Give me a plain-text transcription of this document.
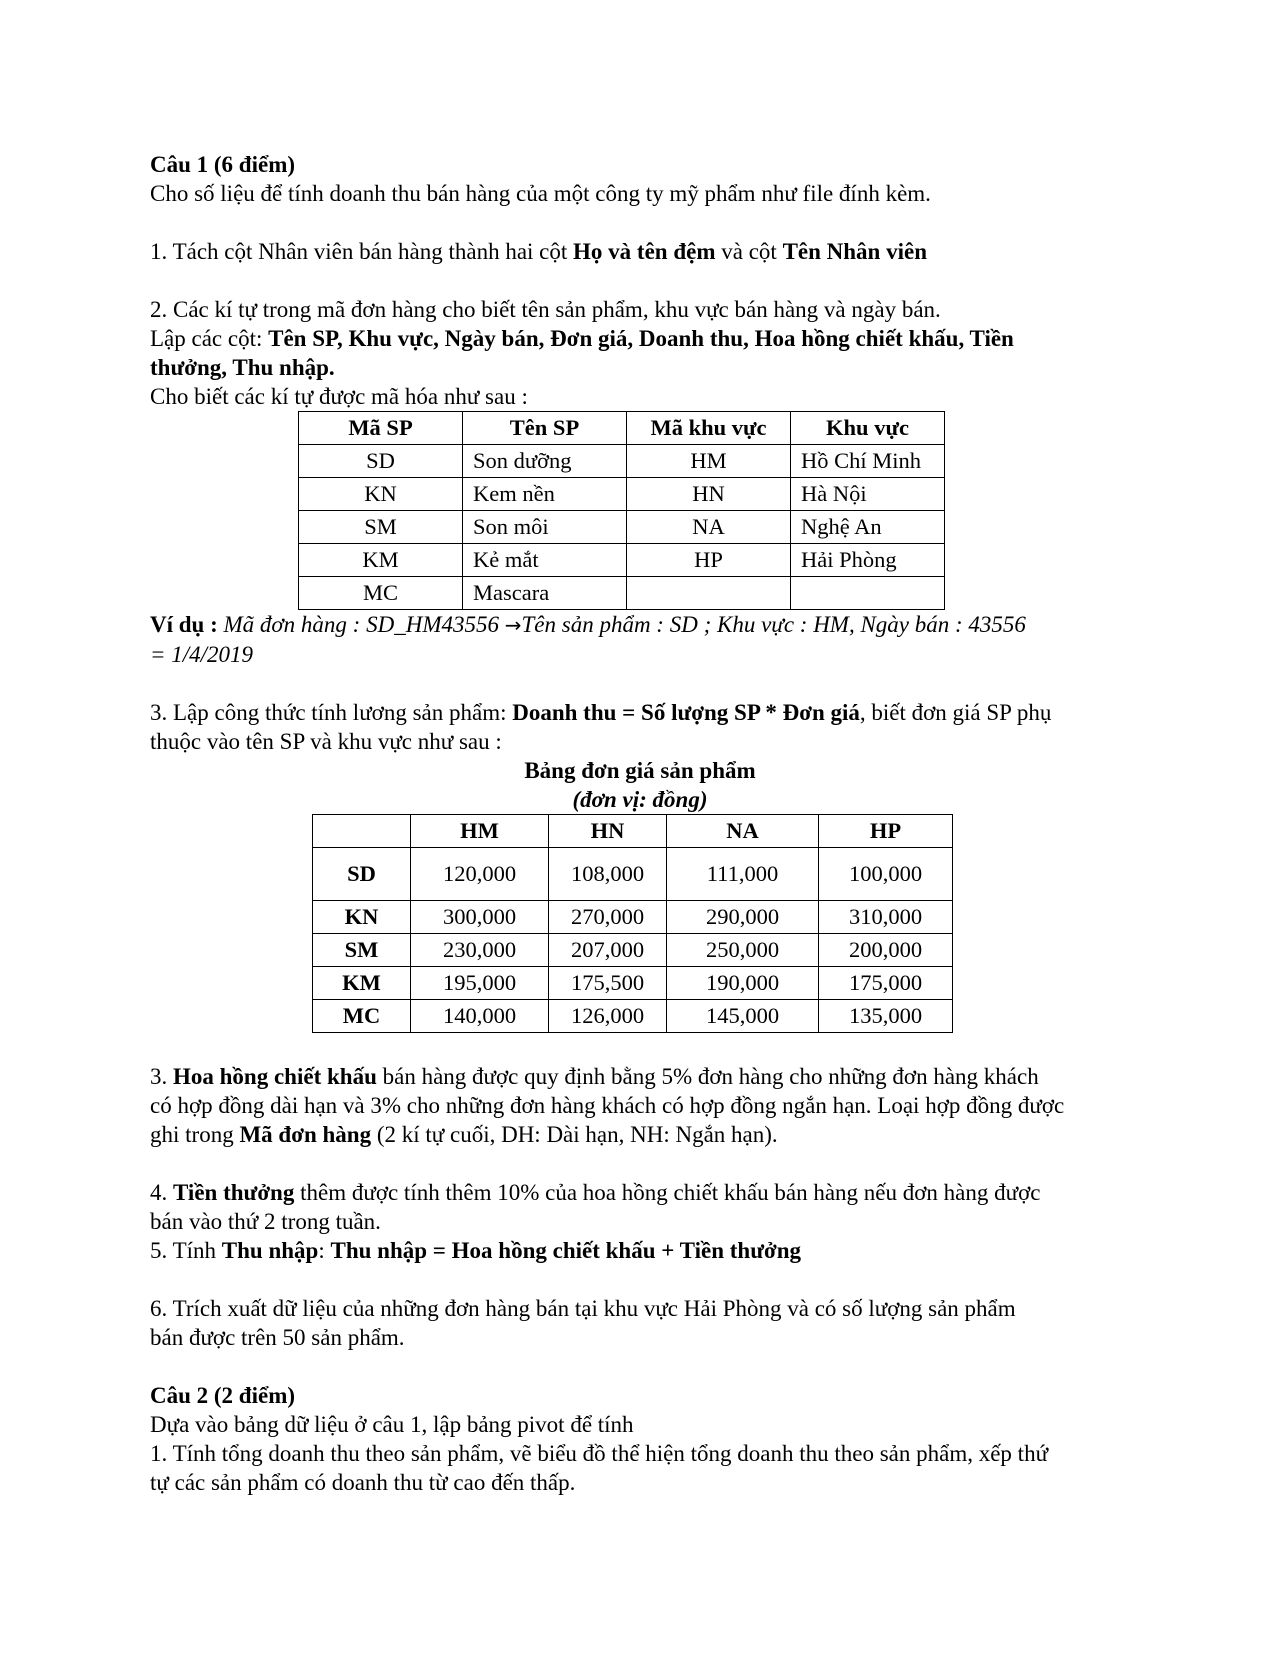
Câu 1 (6 điểm)
Cho số liệu để tính doanh thu bán hàng của một công ty mỹ phẩm như file đính kèm.
1. Tách cột Nhân viên bán hàng thành hai cột Họ và tên đệm và cột Tên Nhân viên
2. Các kí tự trong mã đơn hàng cho biết tên sản phẩm, khu vực bán hàng và ngày bán.
Lập các cột: Tên SP, Khu vực, Ngày bán, Đơn giá, Doanh thu, Hoa hồng chiết khấu, Tiền
thưởng, Thu nhập.
Cho biết các kí tự được mã hóa như sau :
Mã SP	Tên SP	Mã khu vực	Khu vực
SD	Son dưỡng	HM	Hồ Chí Minh
KN	Kem nền	HN	Hà Nội
SM	Son môi	NA	Nghệ An
KM	Kẻ mắt	HP	Hải Phòng
MC	Mascara		
Ví dụ : Mã đơn hàng : SD_HM43556 →Tên sản phẩm : SD ; Khu vực : HM, Ngày bán : 43556
= 1/4/2019
3. Lập công thức tính lương sản phẩm: Doanh thu = Số lượng SP * Đơn giá, biết đơn giá SP phụ
thuộc vào tên SP và khu vực như sau :
Bảng đơn giá sản phẩm
(đơn vị: đồng)
	HM	HN	NA	HP
SD	120,000	108,000	111,000	100,000
KN	300,000	270,000	290,000	310,000
SM	230,000	207,000	250,000	200,000
KM	195,000	175,500	190,000	175,000
MC	140,000	126,000	145,000	135,000
3. Hoa hồng chiết khấu bán hàng được quy định bằng 5% đơn hàng cho những đơn hàng khách
có hợp đồng dài hạn và 3% cho những đơn hàng khách có hợp đồng ngắn hạn. Loại hợp đồng được
ghi trong Mã đơn hàng (2 kí tự cuối, DH: Dài hạn, NH: Ngắn hạn).
4. Tiền thưởng thêm được tính thêm 10% của hoa hồng chiết khấu bán hàng nếu đơn hàng được
bán vào thứ 2 trong tuần.
5. Tính Thu nhập: Thu nhập = Hoa hồng chiết khấu + Tiền thưởng
6. Trích xuất dữ liệu của những đơn hàng bán tại khu vực Hải Phòng và có số lượng sản phẩm
bán được trên 50 sản phẩm.
Câu 2 (2 điểm)
Dựa vào bảng dữ liệu ở câu 1, lập bảng pivot để tính
1. Tính tổng doanh thu theo sản phẩm, vẽ biểu đồ thể hiện tổng doanh thu theo sản phẩm, xếp thứ
tự các sản phẩm có doanh thu từ cao đến thấp.
